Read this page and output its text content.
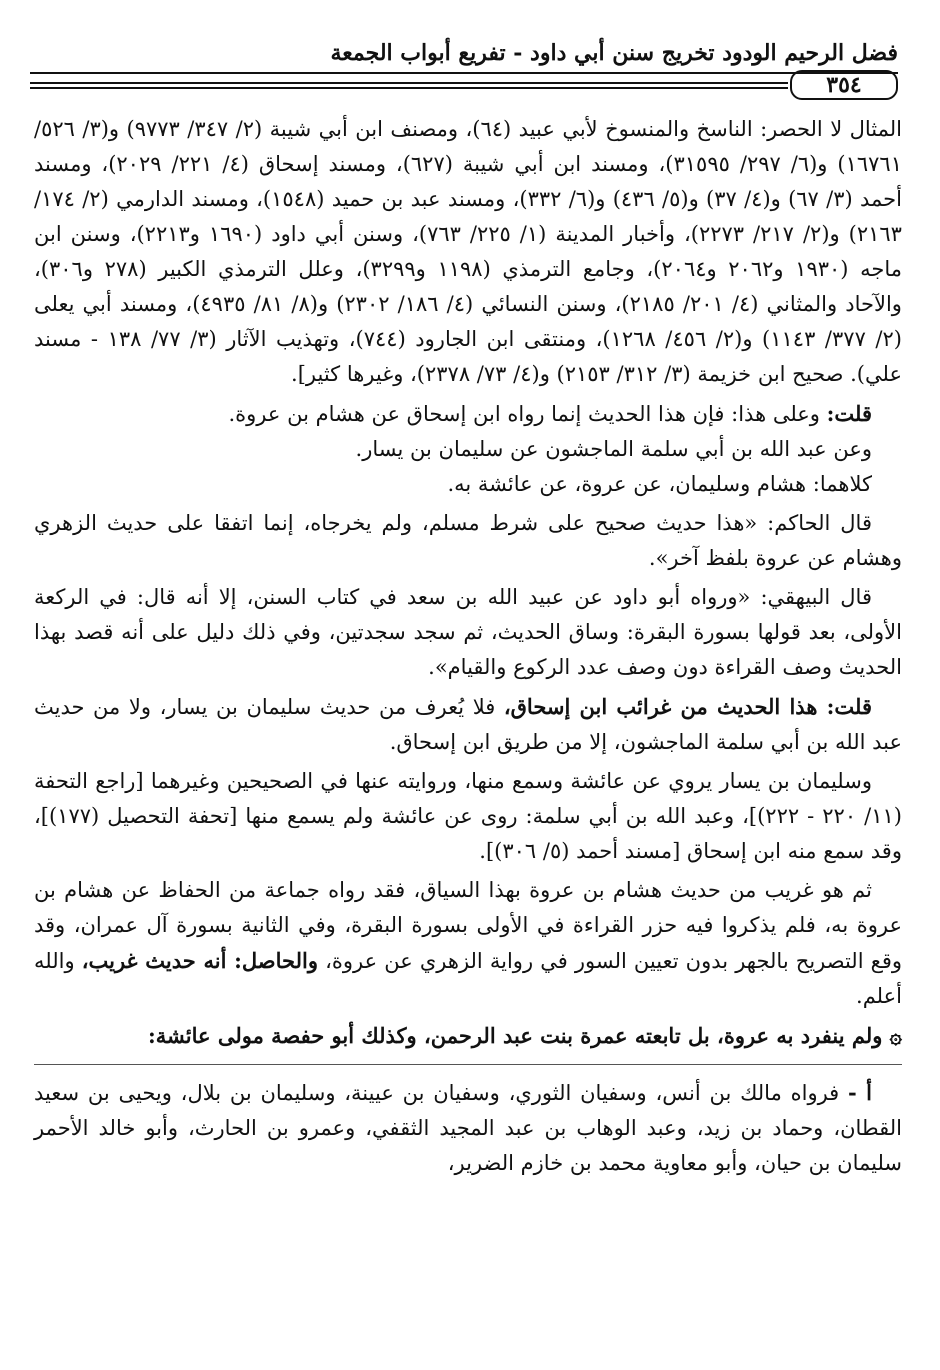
فضل الرحيم الودود تخريج سنن أبي داود - تفريع أبواب الجمعة
٣٥٤

المثال لا الحصر: الناسخ والمنسوخ لأبي عبيد (٦٤)، ومصنف ابن أبي شيبة (٢/ ٣٤٧/ ٩٧٧٣) و(٣/ ٥٢٦/ ١٦٧٦١) و(٦/ ٢٩٧/ ٣١٥٩٥)، ومسند ابن أبي شيبة (٦٢٧)، ومسند إسحاق (٤/ ٢٢١/ ٢٠٢٩)، ومسند أحمد (٣/ ٦٧) و(٤/ ٣٧) و(٥/ ٤٣٦) و(٦/ ٣٣٢)، ومسند عبد بن حميد (١٥٤٨)، ومسند الدارمي (٢/ ١٧٤/ ٢١٦٣) و(٢/ ٢١٧/ ٢٢٧٣)، وأخبار المدينة (١/ ٢٢٥/ ٧٦٣)، وسنن أبي داود (١٦٩٠ و٢٢١٣)، وسنن ابن ماجه (١٩٣٠ و٢٠٦٢ و٢٠٦٤)، وجامع الترمذي (١١٩٨ و٣٢٩٩)، وعلل الترمذي الكبير (٢٧٨ و٣٠٦)، والآحاد والمثاني (٤/ ٢٠١/ ٢١٨٥)، وسنن النسائي (٤/ ١٨٦/ ٢٣٠٢) و(٨/ ٨١/ ٤٩٣٥)، ومسند أبي يعلى (٢/ ٣٧٧/ ١١٤٣) و(٢/ ٤٥٦/ ١٢٦٨)، ومنتقى ابن الجارود (٧٤٤)، وتهذيب الآثار (٣/ ٧٧/ ١٣٨ - مسند علي). صحيح ابن خزيمة (٣/ ٣١٢/ ٢١٥٣) و(٤/ ٧٣/ ٢٣٧٨)، وغيرها كثير].

قلت: وعلى هذا: فإن هذا الحديث إنما رواه ابن إسحاق عن هشام بن عروة.

وعن عبد الله بن أبي سلمة الماجشون عن سليمان بن يسار.

كلاهما: هشام وسليمان، عن عروة، عن عائشة به.

قال الحاكم: «هذا حديث صحيح على شرط مسلم، ولم يخرجاه، إنما اتفقا على حديث الزهري وهشام عن عروة بلفظ آخر».

قال البيهقي: «ورواه أبو داود عن عبيد الله بن سعد في كتاب السنن، إلا أنه قال: في الركعة الأولى، بعد قولها بسورة البقرة: وساق الحديث، ثم سجد سجدتين، وفي ذلك دليل على أنه قصد بهذا الحديث وصف القراءة دون وصف عدد الركوع والقيام».

قلت: هذا الحديث من غرائب ابن إسحاق، فلا يُعرف من حديث سليمان بن يسار، ولا من حديث عبد الله بن أبي سلمة الماجشون، إلا من طريق ابن إسحاق.

وسليمان بن يسار يروي عن عائشة وسمع منها، وروايته عنها في الصحيحين وغيرهما [راجع التحفة (١١/ ٢٢٠ - ٢٢٢)]، وعبد الله بن أبي سلمة: روى عن عائشة ولم يسمع منها [تحفة التحصيل (١٧٧)]، وقد سمع منه ابن إسحاق [مسند أحمد (٥/ ٣٠٦)].

ثم هو غريب من حديث هشام بن عروة بهذا السياق، فقد رواه جماعة من الحفاظ عن هشام بن عروة به، فلم يذكروا فيه حزر القراءة في الأولى بسورة البقرة، وفي الثانية بسورة آل عمران، وقد وقع التصريح بالجهر بدون تعيين السور في رواية الزهري عن عروة، والحاصل: أنه حديث غريب، والله أعلم.

۞ ولم ينفرد به عروة، بل تابعته عمرة بنت عبد الرحمن، وكذلك أبو حفصة مولى عائشة:

أ - فرواه مالك بن أنس، وسفيان الثوري، وسفيان بن عيينة، وسليمان بن بلال، ويحيى بن سعيد القطان، وحماد بن زيد، وعبد الوهاب بن عبد المجيد الثقفي، وعمرو بن الحارث، وأبو خالد الأحمر سليمان بن حيان، وأبو معاوية محمد بن خازم الضرير،
